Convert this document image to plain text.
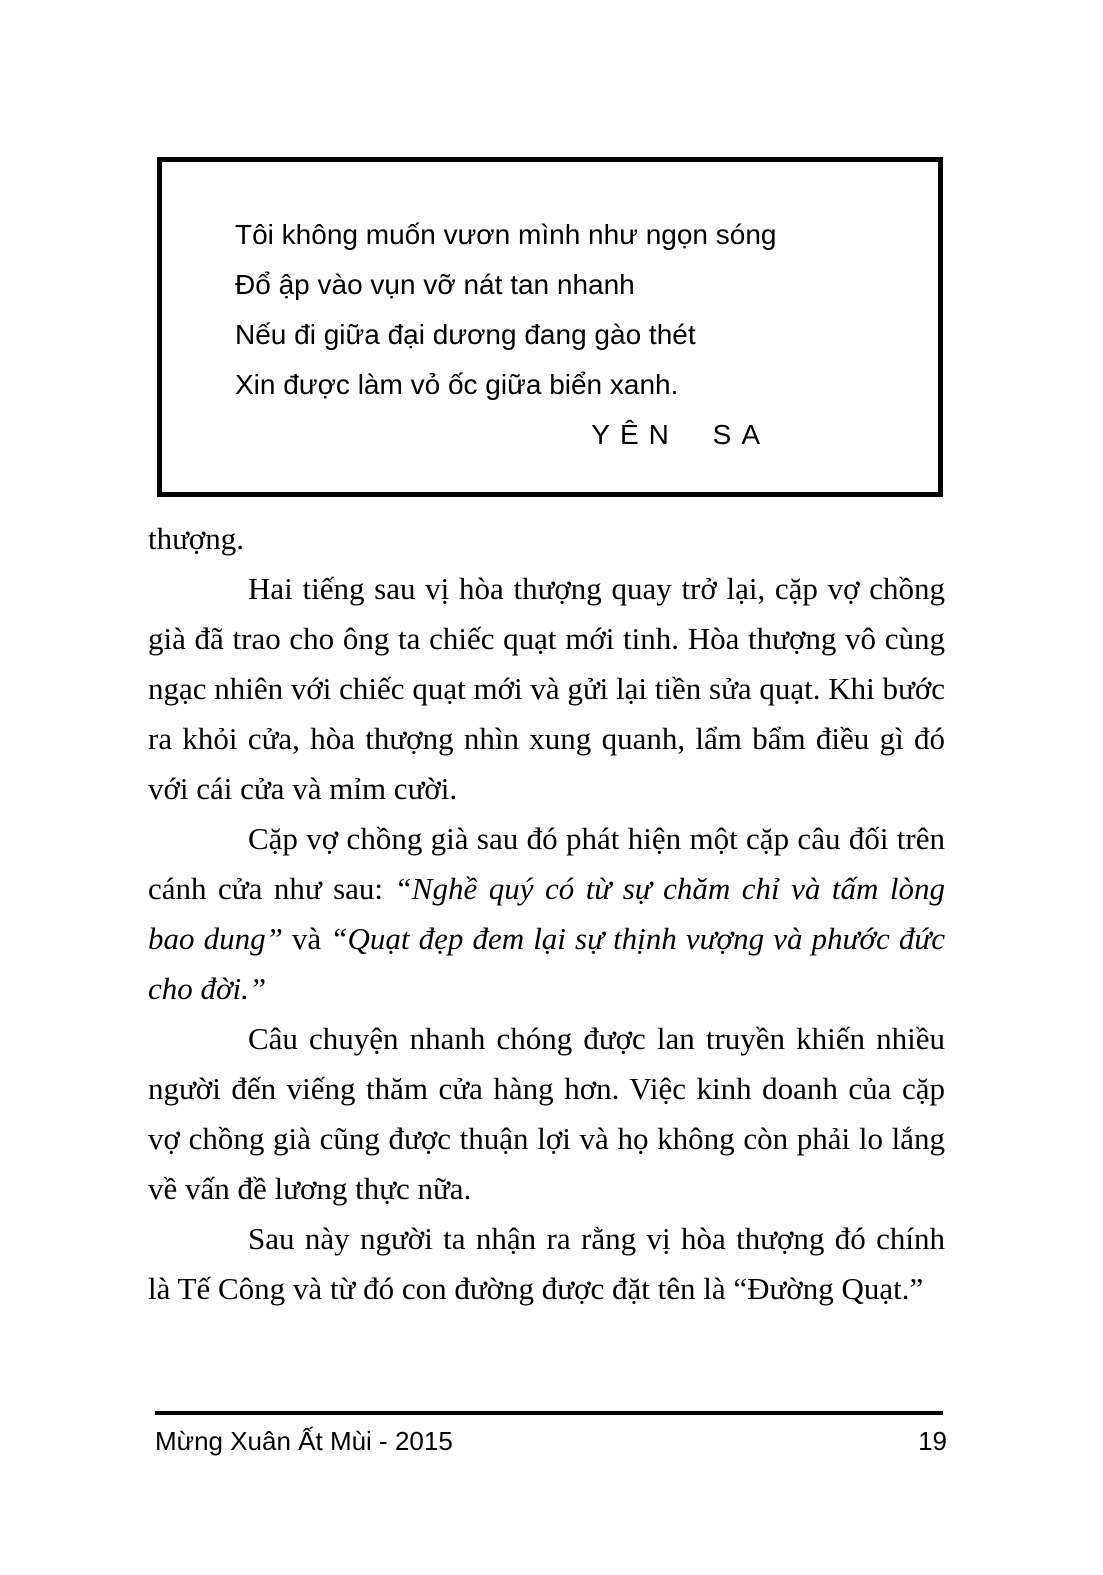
Tôi không muốn vươn mình như ngọn sóng
Đổ ập vào vụn vỡ nát tan nhanh
Nếu đi giữa đại dương đang gào thét
Xin được làm vỏ ốc giữa biển xanh.
YÊN SA

thượng.

Hai tiếng sau vị hòa thượng quay trở lại, cặp vợ chồng già đã trao cho ông ta chiếc quạt mới tinh. Hòa thượng vô cùng ngạc nhiên với chiếc quạt mới và gửi lại tiền sửa quạt. Khi bước ra khỏi cửa, hòa thượng nhìn xung quanh, lẩm bẩm điều gì đó với cái cửa và mỉm cười.

Cặp vợ chồng già sau đó phát hiện một cặp câu đối trên cánh cửa như sau: “Nghề quý có từ sự chăm chỉ và tấm lòng bao dung” và “Quạt đẹp đem lại sự thịnh vượng và phước đức cho đời.”

Câu chuyện nhanh chóng được lan truyền khiến nhiều người đến viếng thăm cửa hàng hơn. Việc kinh doanh của cặp vợ chồng già cũng được thuận lợi và họ không còn phải lo lắng về vấn đề lương thực nữa.

Sau này người ta nhận ra rằng vị hòa thượng đó chính là Tế Công và từ đó con đường được đặt tên là “Đường Quạt.”

Mừng Xuân Ất Mùi - 2015	19
